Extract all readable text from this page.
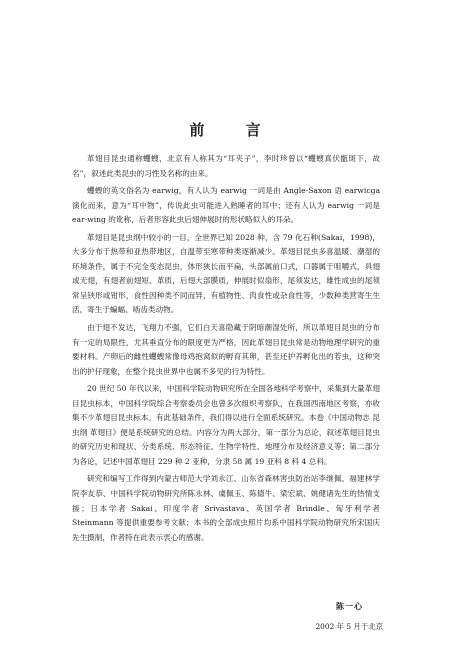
前 言

革翅目昆虫通称蠼螋，北京有人称其为“耳夹子”，李时珍曾以“蠼螋真伏甑斑下，故名”，叙述此类昆虫的习性及名称的由来。

蠼螋的英文俗名为 earwig，有人认为 earwig 一词是由 Angle-Saxon 语 earwicga 演化而来，意为“耳中物”，传说此虫可能进入熟睡者的耳中；还有人认为 earwig 一词是 ear-wing 的讹称，后者形容此虫后翅伸展时的形状略似人的耳朵。

革翅目是昆虫纲中较小的一目，全世界已知 2028 种，含 79 化石种(Sakai，1998)，大多分布于热带和亚热带地区，自温带至寒带种类逐渐减少。革翅目昆虫多喜温暖、潮湿的环境条件，属于不完全变态昆虫，体形狭长而平扁，头部属前口式，口器属于咀嚼式，具翅或无翅，有翅者前翅短、革质，后翅大部膜质，伸展时似扇形，尾须发达，雄性成虫的尾须常呈铗形或钳形，食性因种类不同而异，有植物性、肉食性或杂食性等，少数种类营寄生生活，寄生于蝙蝠、啮齿类动物。

由于翅不发达，飞翔力不强，它们白天喜隐藏于阴暗潮湿处所，所以革翅目昆虫的分布有一定的局限性，尤其垂直分布的限度更为严格，因此革翅目昆虫常是动物地理学研究的重要材料。产卵后的雌性蠼螋常像母鸡抱窝似的孵育其卵，甚至还护养孵化出的若虫，这种突出的护仔现象，在整个昆虫世界中也属不多见的行为特性。

20 世纪 50 年代以来，中国科学院动物研究所在全国各地科学考察中，采集到大量革翅目昆虫标本，中国科学院综合考察委员会也曾多次组织考察队，在我国西南地区考察，亦收集不少革翅目昆虫标本。有此基础条件，我们得以进行全面系统研究。本卷《中国动物志 昆虫纲 革翅目》便是系统研究的总结。内容分为两大部分，第一部分为总论，叙述革翅目昆虫的研究历史和现状、分类系统、形态特征、生物学特性、地理分布及经济意义等；第二部分为各论，记述中国革翅目 229 种 2 亚种，分隶 58 属 19 亚科 8 科 4 总科。

研究和编写工作得到内蒙古师范大学刘永江、山东省森林害虫防治站李继佩、福建林学院李友恭、中国科学院动物研究所陈永林、虞佩玉、陈德牛、梁宏斌、姚健诸先生的热情支援；日本学者 Sakai、印度学者 Srivastava、英国学者 Brindle、匈牙利学者 Steinmann 等提供重要参考文献；本书的全部成虫照片均系中国科学院动物研究所宋国庆先生摄制，作者特在此表示衷心的感谢。

陈一心
2002 年 5 月于北京
